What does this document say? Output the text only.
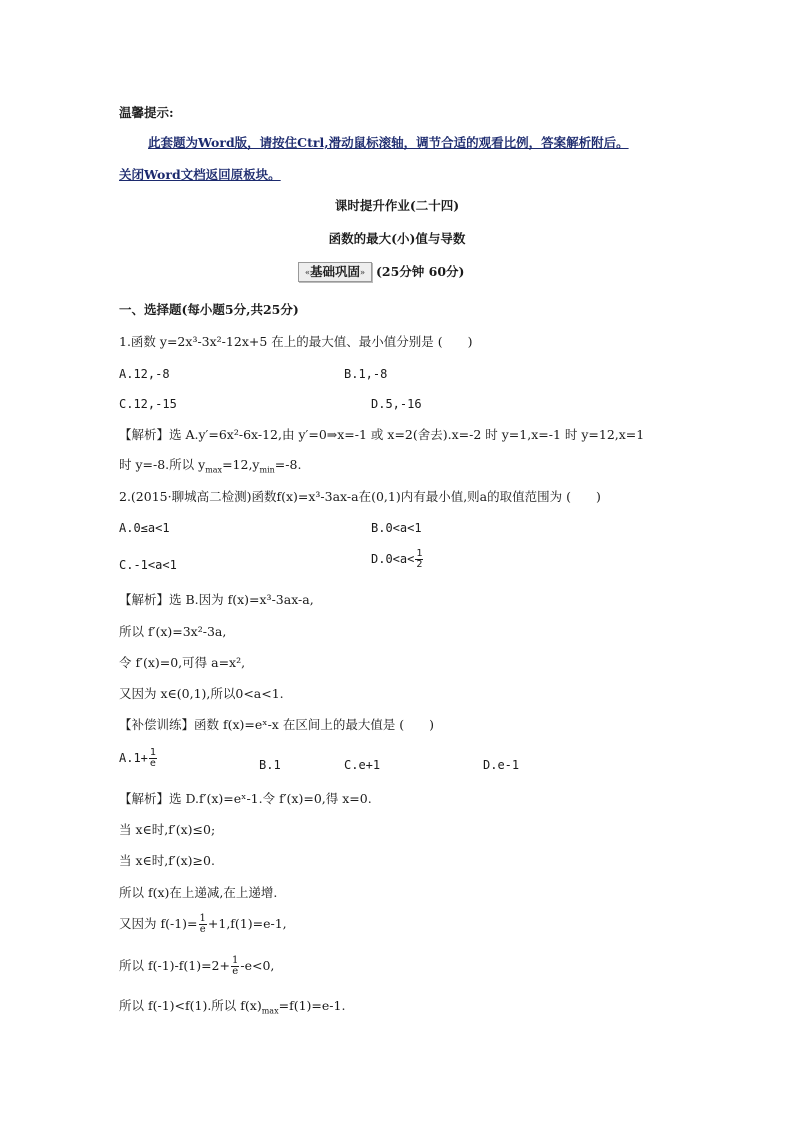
温馨提示:
此套题为Word版，请按住Ctrl,滑动鼠标滚轴，调节合适的观看比例，答案解析附后。
关闭Word文档返回原板块。
课时提升作业(二十四)
函数的最大(小)值与导数
«基础巩固» (25分钟 60分)
一、选择题(每小题5分,共25分)
1.函数 y=2x³-3x²-12x+5 在上的最大值、最小值分别是 (　　)
A.12,-8	B.1,-8
C.12,-15	D.5,-16
【解析】选 A.y′=6x²-6x-12,由 y′=0⇒x=-1 或 x=2(舍去).x=-2 时 y=1,x=-1 时 y=12,x=1
时 y=-8.所以 $y_{max}=12,y_{min}=-8$.
2.(2015·聊城高二检测)函数f(x)=x³-3ax-a在(0,1)内有最小值,则a的取值范围为 (　　)
A.0≤a<1	B.0<a<1
C.-1<a<1	$D.0<a< \frac{1}{2}$
【解析】选 B.因为 f(x)=x³-3ax-a,
所以 f′(x)=3x²-3a,
令 f′(x)=0,可得 a=x²,
又因为 x∈(0,1),所以0<a<1.
【补偿训练】函数 f(x)=eˣ-x 在区间上的最大值是 (　　)
$A.1+ \frac{1}{e}$	B.1	C.e+1	D.e-1
【解析】选 D.f′(x)=eˣ-1.令 f′(x)=0,得 x=0.
当 x∈时,f′(x)≤0;
当 x∈时,f′(x)≥0.
所以 f(x)在上递减,在上递增.
又因为 $f(-1)= \frac{1}{e} +1,f(1)=e-1$,
所以 $f(-1)-f(1)=2+ \frac{1}{e} -e<0$,
所以 f(-1)<f(1).所以 $f(x)_{max}=f(1)=e-1$.
